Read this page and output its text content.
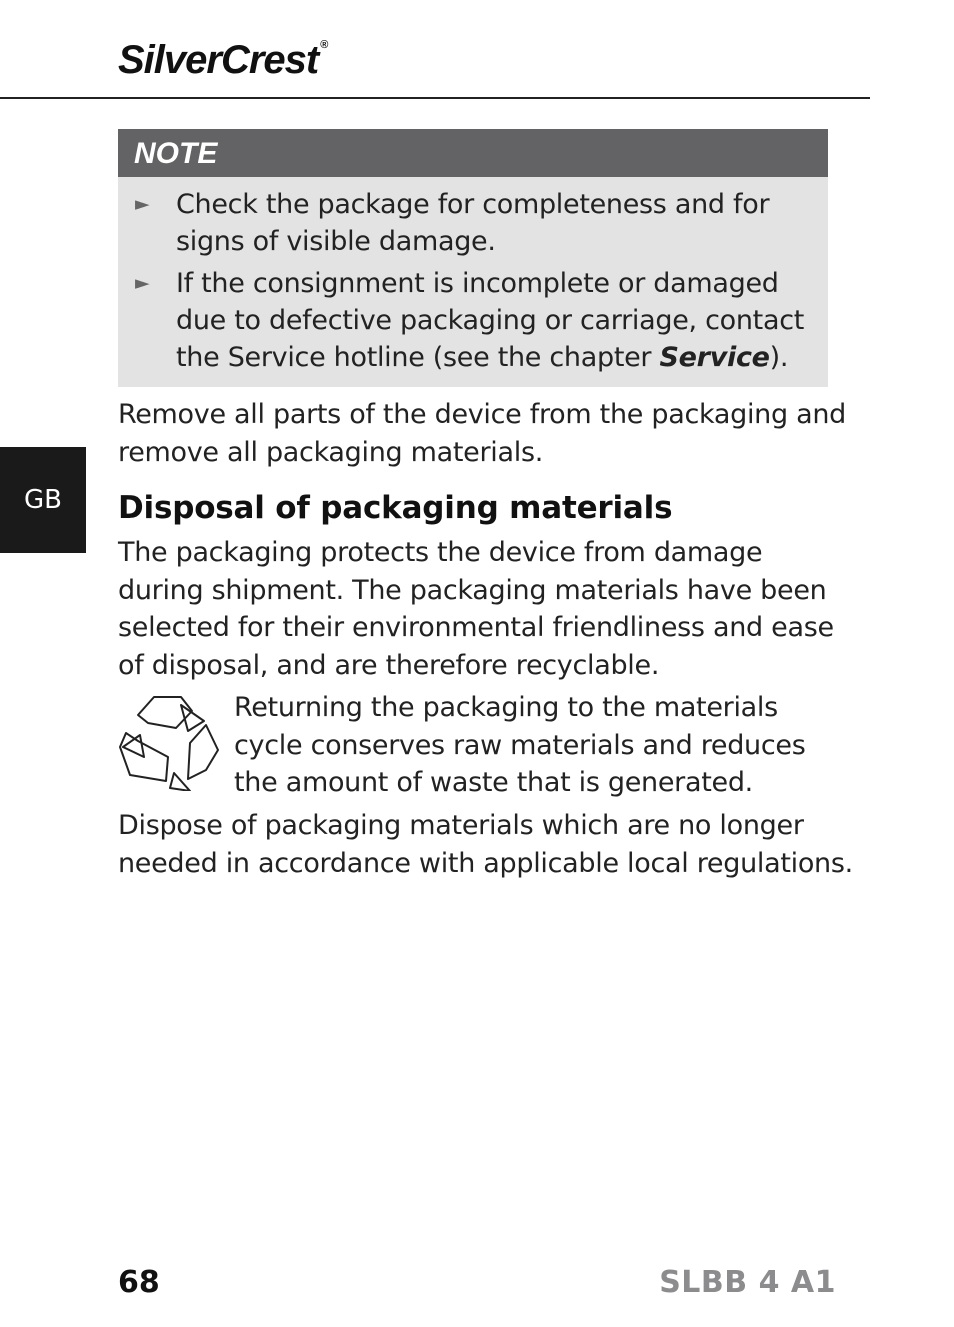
SilverCrest ®
GB
NOTE
► Check the package for completeness and for signs of visible damage.
► If the consignment is incomplete or damaged due to defective packaging or carriage, contact the Service hotline (see the chapter Service).

Remove all parts of the device from the packaging and remove all packaging materials.

Disposal of packaging materials

The packaging protects the device from damage during shipment. The packaging materials have been selected for their environmental friendliness and ease of disposal, and are therefore recyclable.

Returning the packaging to the materials cycle conserves raw materials and reduces the amount of waste that is generated.

Dispose of packaging materials which are no longer needed in accordance with applicable local regulations.

68	SLBB 4 A1
